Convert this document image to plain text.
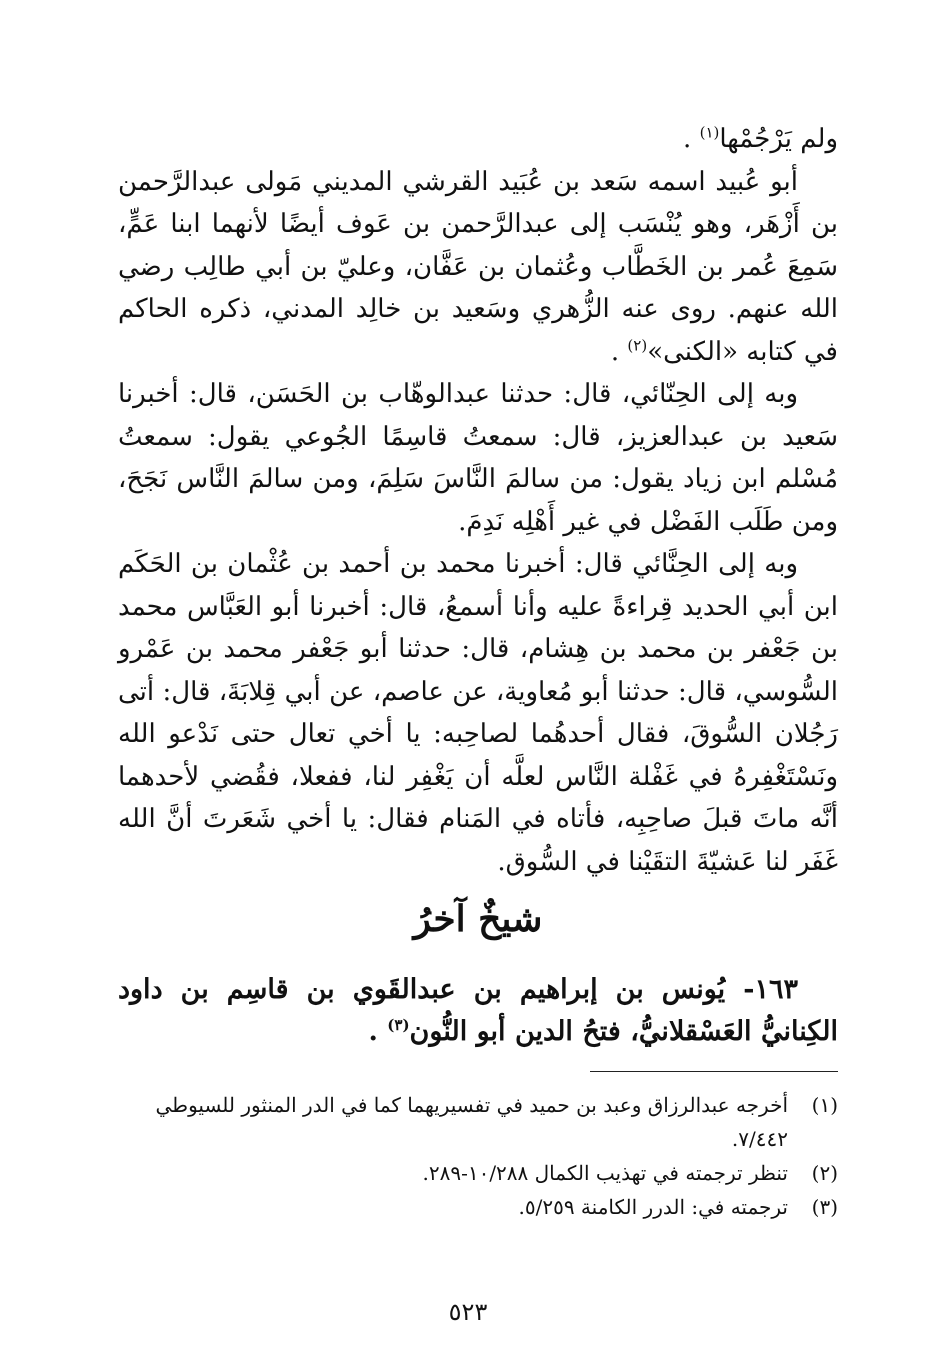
ولم يَرْجُمْها$^{(١)}$ .

أبو عُبيد اسمه سَعد بن عُبَيد القرشي المديني مَولى عبدالرَّحمن بن أَزْهَر، وهو يُنْسَب إلى عبدالرَّحمن بن عَوف أيضًا لأنهما ابنا عَمٍّ، سَمِعَ عُمر بن الخَطَّاب وعُثمان بن عَفَّان، وعليّ بن أبي طالِب رضي الله عنهم. روى عنه الزُّهري وسَعيد بن خالِد المدني، ذكره الحاكم في كتابه «الكنى»$^{(٢)}$ .

وبه إلى الحِنّائي، قال: حدثنا عبدالوهّاب بن الحَسَن، قال: أخبرنا سَعيد بن عبدالعزيز، قال: سمعتُ قاسِمًا الجُوعي يقول: سمعتُ مُسْلم ابن زياد يقول: من سالمَ النَّاسَ سَلِمَ، ومن سالمَ النَّاس نَجَحَ، ومن طَلَب الفَضْل في غير أَهْلِه نَدِمَ.

وبه إلى الحِنَّائي قال: أخبرنا محمد بن أحمد بن عُثْمان بن الحَكَم ابن أبي الحديد قِراءةً عليه وأنا أسمعُ، قال: أخبرنا أبو العَبَّاس محمد بن جَعْفر بن محمد بن هِشام، قال: حدثنا أبو جَعْفر محمد بن عَمْرو السُّوسي، قال: حدثنا أبو مُعاوية، عن عاصم، عن أبي قِلابَةَ، قال: أتى رَجُلان السُّوقَ، فقال أحدهُما لصاحِبه: يا أخي تعال حتى نَدْعو الله ونَسْتَغْفِرهُ في غَفْلة النَّاس لعلَّه أن يَغْفِر لنا، ففعلا، فقُضي لأحدهما أنَّه ماتَ قبلَ صاحِبِه، فأتاه في المَنام فقال: يا أخي شَعَرتَ أنَّ الله غَفَر لنا عَشيّةَ التقَيْنا في السُّوق.

شيخٌ آخرُ

١٦٣- يُونس بن إبراهيم بن عبدالقَوي بن قاسِم بن داود الكِنانيُّ العَسْقلانيُّ، فتحُ الدين أبو النُّون$^{(٣)}$ .

(١)
أخرجه عبدالرزاق وعبد بن حميد في تفسيريهما كما في الدر المنثور للسيوطي ٧/٤٤٢.
(٢)
تنظر ترجمته في تهذيب الكمال ١٠/٢٨٨-٢٨٩.
(٣)
ترجمته في: الدرر الكامنة ٥/٢٥٩.
٥٢٣
